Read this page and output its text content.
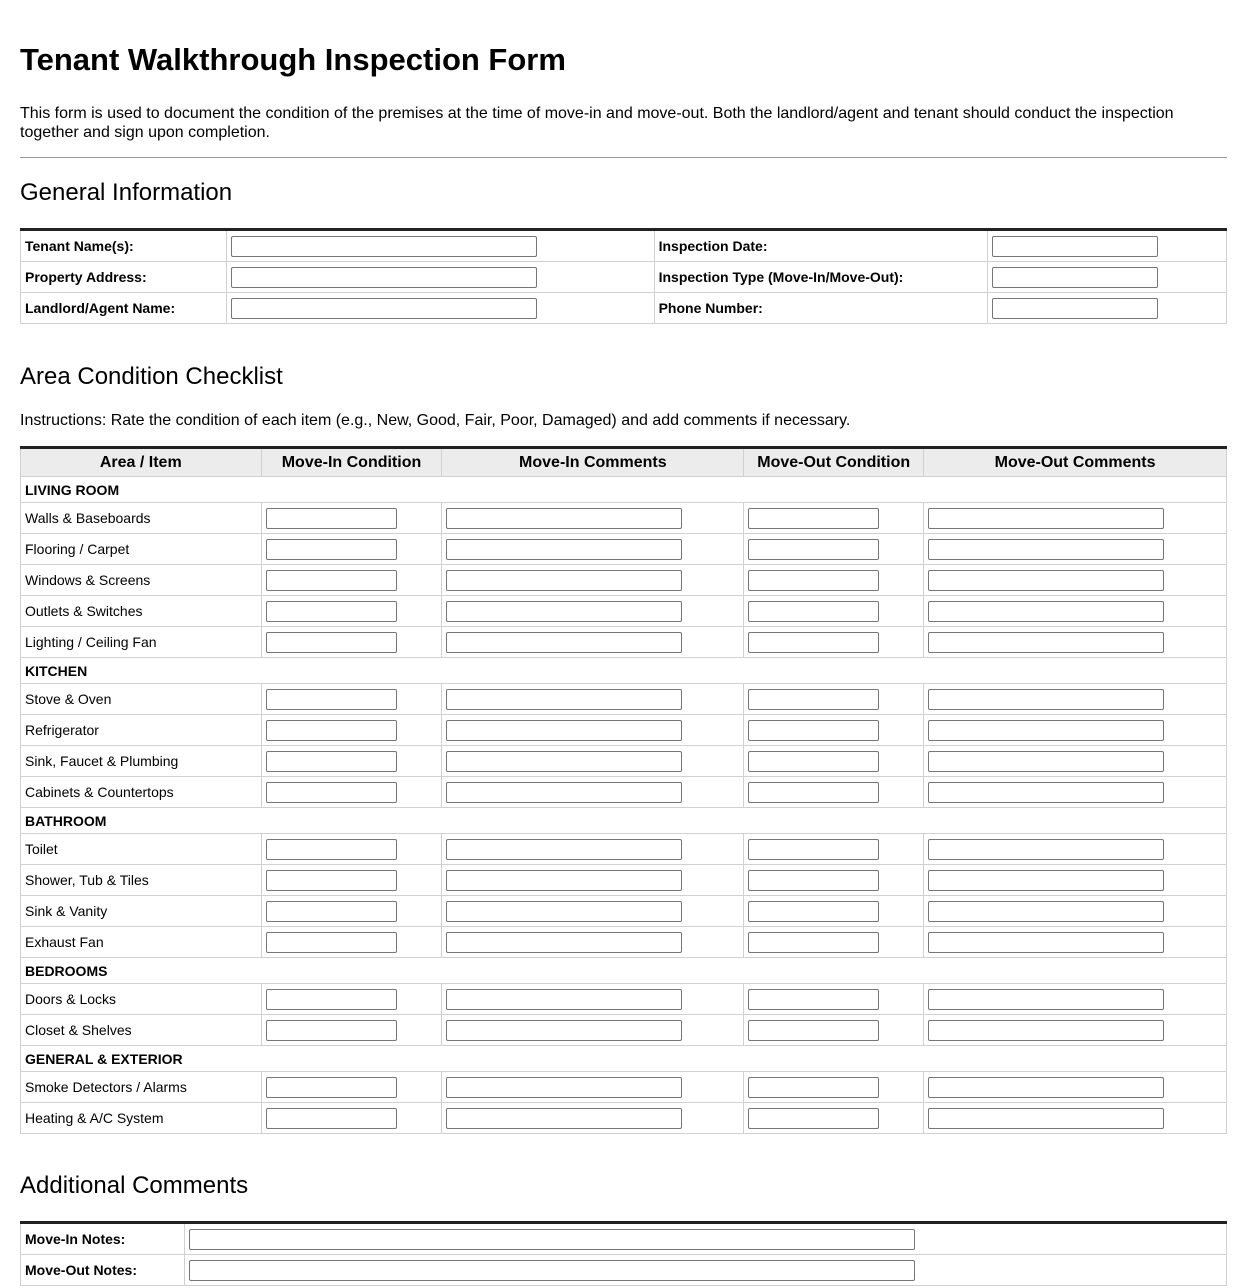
Tenant Walkthrough Inspection Form
This form is used to document the condition of the premises at the time of move-in and move-out. Both the landlord/agent and tenant should conduct the inspection together and sign upon completion.
General Information
Tenant Name(s):		Inspection Date:	
Property Address:		Inspection Type (Move-In/Move-Out):	
Landlord/Agent Name:		Phone Number:	
Area Condition Checklist
Instructions: Rate the condition of each item (e.g., New, Good, Fair, Poor, Damaged) and add comments if necessary.
Area / Item	Move-In Condition	Move-In Comments	Move-Out Condition	Move-Out Comments
LIVING ROOM				
Walls & Baseboards				
Flooring / Carpet				
Windows & Screens				
Outlets & Switches				
Lighting / Ceiling Fan				
KITCHEN				
Stove & Oven				
Refrigerator				
Sink, Faucet & Plumbing				
Cabinets & Countertops				
BATHROOM				
Toilet				
Shower, Tub & Tiles				
Sink & Vanity				
Exhaust Fan				
BEDROOMS				
Doors & Locks				
Closet & Shelves				
GENERAL & EXTERIOR				
Smoke Detectors / Alarms				
Heating & A/C System				
Additional Comments
Move-In Notes:	
Move-Out Notes:	
